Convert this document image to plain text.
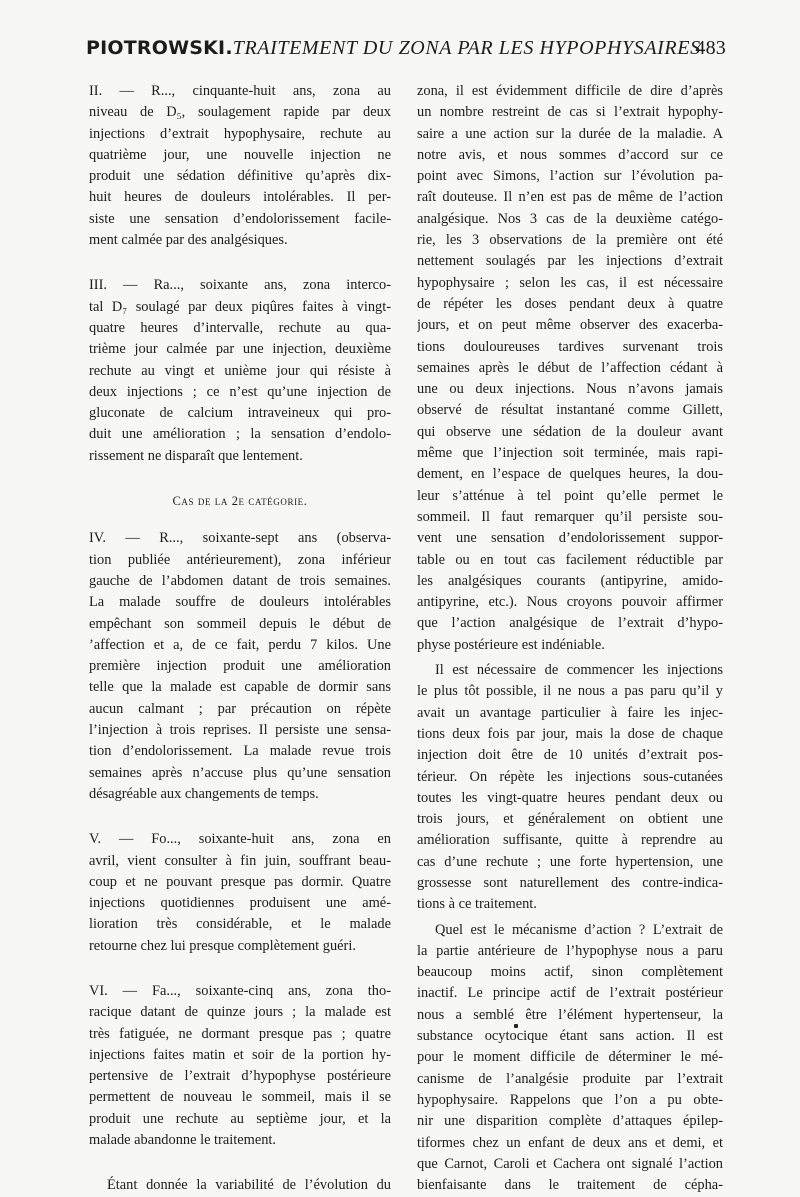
PIOTROWSKI.TRAITEMENT DU ZONA PAR LES HYPOPHYSAIRES
483
II. — R..., cinquante-huit ans, zona au
niveau de D₅, soulagement rapide par deux
injections d’extrait hypophysaire, rechute au
quatrième jour, une nouvelle injection ne
produit une sédation définitive qu’après dix-
huit heures de douleurs intolérables. Il per-
siste une sensation d’endolorissement facile-
ment calmée par des analgésiques.
III. — Ra..., soixante ans, zona interco-
tal D₇ soulagé par deux piqûres faites à vingt-
quatre heures d’intervalle, rechute au qua-
trième jour calmée par une injection, deuxième
rechute au vingt et unième jour qui résiste à
deux injections ; ce n’est qu’une injection de
gluconate de calcium intraveineux qui pro-
duit une amélioration ; la sensation d’endolo-
rissement ne disparaît que lentement.
Cas de la 2e catégorie.
IV. — R..., soixante-sept ans (observa-
tion publiée antérieurement), zona inférieur
gauche de l’abdomen datant de trois semaines.
La malade souffre de douleurs intolérables
empêchant son sommeil depuis le début de
’affection et a, de ce fait, perdu 7 kilos. Une
première injection produit une amélioration
telle que la malade est capable de dormir sans
aucun calmant ; par précaution on répète
l’injection à trois reprises. Il persiste une sensa-
tion d’endolorissement. La malade revue trois
semaines après n’accuse plus qu’une sensation
désagréable aux changements de temps.
V. — Fo..., soixante-huit ans, zona en
avril, vient consulter à fin juin, souffrant beau-
coup et ne pouvant presque pas dormir. Quatre
injections quotidiennes produisent une amé-
lioration très considérable, et le malade
retourne chez lui presque complètement guéri.
VI. — Fa..., soixante-cinq ans, zona tho-
racique datant de quinze jours ; la malade est
très fatiguée, ne dormant presque pas ; quatre
injections faites matin et soir de la portion hy-
pertensive de l’extrait d’hypophyse postérieure
permettent de nouveau le sommeil, mais il se
produit une rechute au septième jour, et la
malade abandonne le traitement.
Étant donnée la variabilité de l’évolution du
zona, il est évidemment difficile de dire d’après
un nombre restreint de cas si l’extrait hypophy-
saire a une action sur la durée de la maladie. A
notre avis, et nous sommes d’accord sur ce
point avec Simons, l’action sur l’évolution pa-
raît douteuse. Il n’en est pas de même de l’action
analgésique. Nos 3 cas de la deuxième catégo-
rie, les 3 observations de la première ont été
nettement soulagés par les injections d’extrait
hypophysaire ; selon les cas, il est nécessaire
de répéter les doses pendant deux à quatre
jours, et on peut même observer des exacerba-
tions douloureuses tardives survenant trois
semaines après le début de l’affection cédant à
une ou deux injections. Nous n’avons jamais
observé de résultat instantané comme Gillett,
qui observe une sédation de la douleur avant
même que l’injection soit terminée, mais rapi-
dement, en l’espace de quelques heures, la dou-
leur s’atténue à tel point qu’elle permet le
sommeil. Il faut remarquer qu’il persiste sou-
vent une sensation d’endolorissement suppor-
table ou en tout cas facilement réductible par
les analgésiques courants (antipyrine, amido-
antipyrine, etc.). Nous croyons pouvoir affirmer
que l’action analgésique de l’extrait d’hypo-
physe postérieure est indéniable.
Il est nécessaire de commencer les injections
le plus tôt possible, il ne nous a pas paru qu’il y
avait un avantage particulier à faire les injec-
tions deux fois par jour, mais la dose de chaque
injection doit être de 10 unités d’extrait pos-
térieur. On répète les injections sous-cutanées
toutes les vingt-quatre heures pendant deux ou
trois jours, et généralement on obtient une
amélioration suffisante, quitte à reprendre au
cas d’une rechute ; une forte hypertension, une
grossesse sont naturellement des contre-indica-
tions à ce traitement.
Quel est le mécanisme d’action ? L’extrait de
la partie antérieure de l’hypophyse nous a paru
beaucoup moins actif, sinon complètement
inactif. Le principe actif de l’extrait postérieur
nous a semblé être l’élément hypertenseur, la
substance ocytocique étant sans action. Il est
pour le moment difficile de déterminer le mé-
canisme de l’analgésie produite par l’extrait
hypophysaire. Rappelons que l’on a pu obte-
nir une disparition complète d’attaques épilep-
tiformes chez un enfant de deux ans et demi, et
que Carnot, Caroli et Cachera ont signalé l’action
bienfaisante dans le traitement de cépha-
